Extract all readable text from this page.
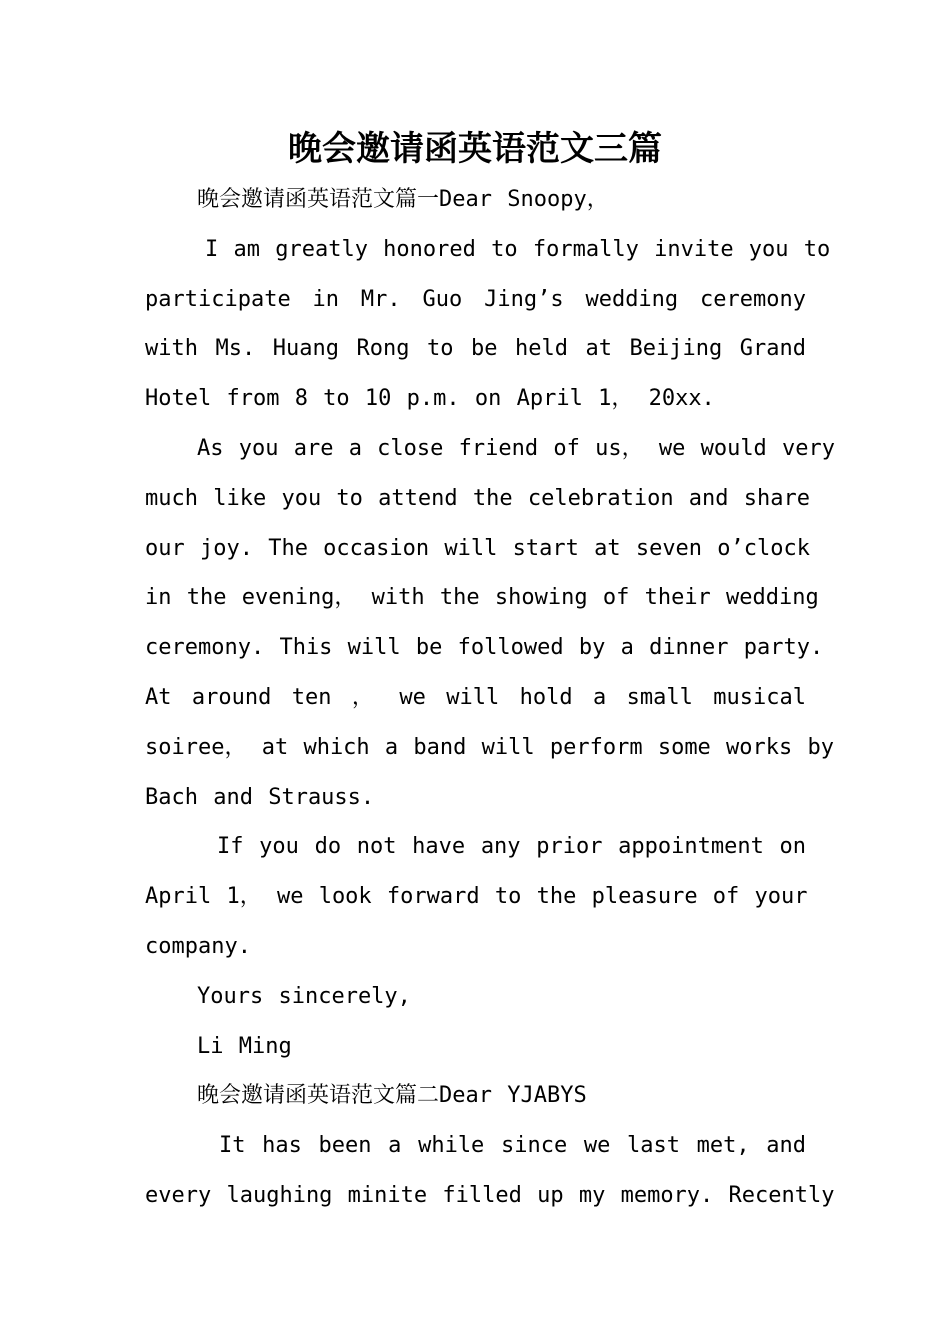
晚会邀请函英语范文三篇
晚会邀请函英语范文篇一Dear Snoopy，
I am greatly honored to formally invite you to
participate in Mr. Guo Jing’s wedding ceremony
with Ms. Huang Rong to be held at Beijing Grand
Hotel from 8 to 10 p.m. on April 1， 20xx.
As you are a close friend of us， we would very
much like you to attend the celebration and share
our joy. The occasion will start at seven o’clock
in the evening， with the showing of their wedding
ceremony. This will be followed by a dinner party.
At around ten ， we will hold a small musical
soiree， at which a band will perform some works by
Bach and Strauss.
If you do not have any prior appointment on
April 1， we look forward to the pleasure of your
company.
Yours sincerely,
Li Ming
晚会邀请函英语范文篇二Dear YJABYS
It has been a while since we last met, and
every laughing minite filled up my memory. Recently
